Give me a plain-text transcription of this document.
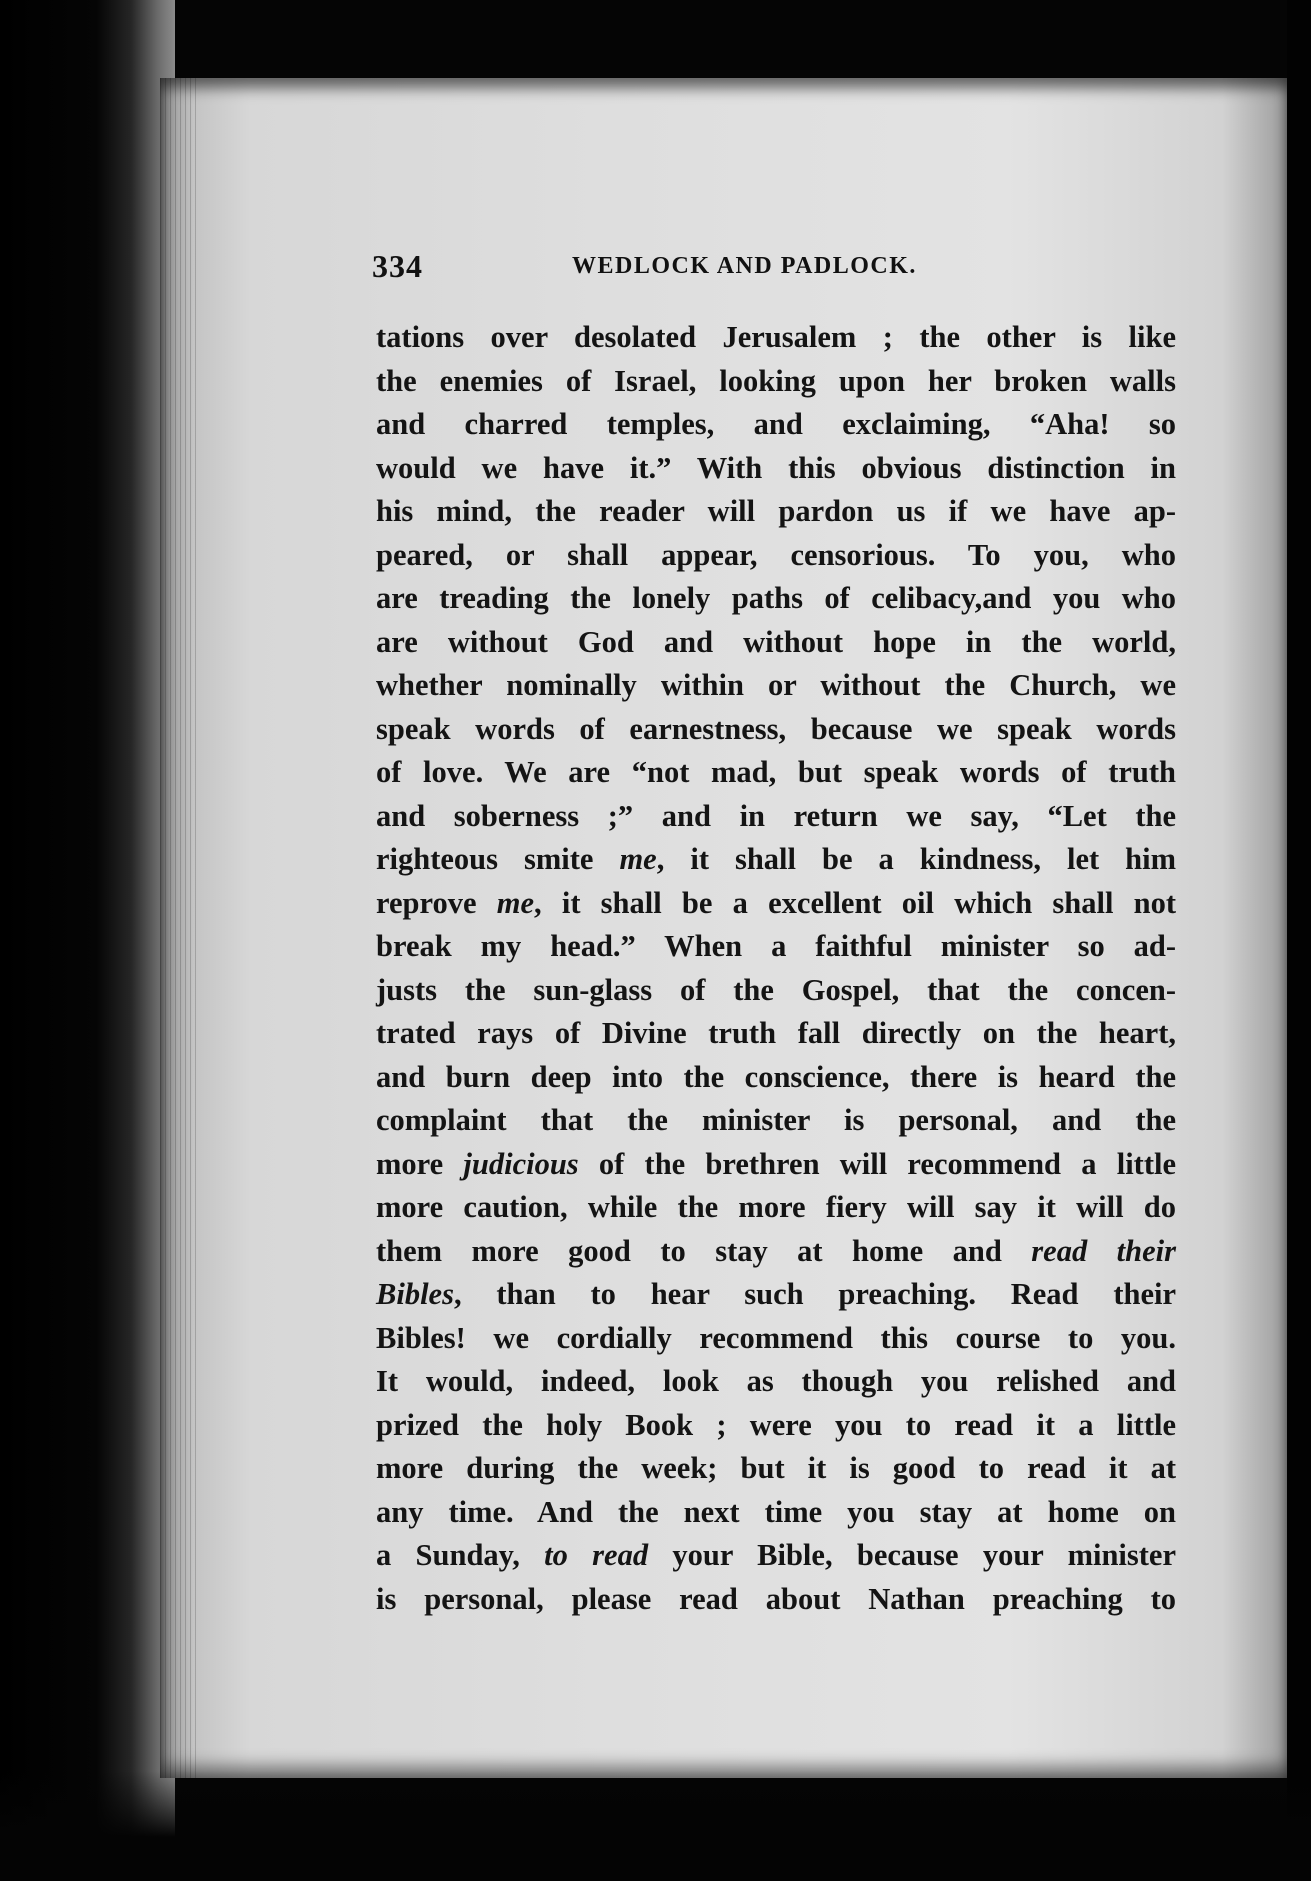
334	WEDLOCK AND PADLOCK.
tations over desolated Jerusalem ; the other is like
the enemies of Israel, looking upon her broken walls
and charred temples, and exclaiming, “Aha! so
would we have it.” With this obvious distinction in
his mind, the reader will pardon us if we have ap-
peared, or shall appear, censorious. To you, who
are treading the lonely paths of celibacy,and you who
are without God and without hope in the world,
whether nominally within or without the Church, we
speak words of earnestness, because we speak words
of love. We are “not mad, but speak words of truth
and soberness ;” and in return we say, “Let the
righteous smite me, it shall be a kindness, let him
reprove me, it shall be a excellent oil which shall not
break my head.” When a faithful minister so ad-
justs the sun-glass of the Gospel, that the concen-
trated rays of Divine truth fall directly on the heart,
and burn deep into the conscience, there is heard the
complaint that the minister is personal, and the
more judicious of the brethren will recommend a little
more caution, while the more fiery will say it will do
them more good to stay at home and read their
Bibles, than to hear such preaching. Read their
Bibles! we cordially recommend this course to you.
It would, indeed, look as though you relished and
prized the holy Book ; were you to read it a little
more during the week; but it is good to read it at
any time. And the next time you stay at home on
a Sunday, to read your Bible, because your minister
is personal, please read about Nathan preaching to
